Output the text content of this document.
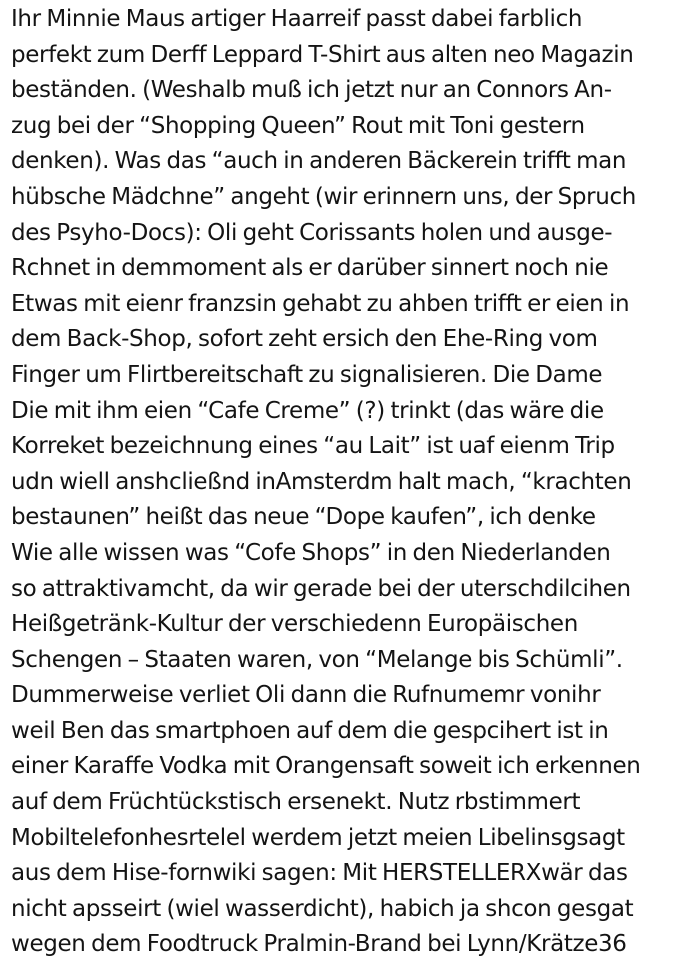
Ihr Minnie Maus artiger Haarreif passt dabei farblich
perfekt zum Derff Leppard T-Shirt aus alten neo Magazin
beständen. (Weshalb muß ich jetzt nur an Connors An-
zug bei der “Shopping Queen” Rout mit Toni gestern
denken). Was das “auch in anderen Bäckerein trifft man
hübsche Mädchne” angeht (wir erinnern uns, der Spruch
des Psyho-Docs): Oli geht Corissants holen und ausge-
Rchnet in demmoment als er darüber sinnert noch nie
Etwas mit eienr franzsin gehabt zu ahben trifft er eien in
dem Back-Shop, sofort zeht ersich den Ehe-Ring vom
Finger um Flirtbereitschaft zu signalisieren. Die Dame
Die mit ihm eien “Cafe Creme” (?) trinkt (das wäre die
Korreket bezeichnung eines “au Lait” ist uaf eienm Trip
udn wiell anshcließnd inAmsterdm halt mach, “krachten
bestaunen” heißt das neue “Dope kaufen”, ich denke
Wie alle wissen was “Cofe Shops” in den Niederlanden
so attraktivamcht, da wir gerade bei der uterschdilcihen
Heißgetränk-Kultur der verschiedenn Europäischen
Schengen – Staaten waren, von “Melange bis Schümli”.
Dummerweise verliet Oli dann die Rufnumemr vonihr
weil Ben das smartphoen auf dem die gespcihert ist in
einer Karaffe Vodka mit Orangensaft soweit ich erkennen
auf dem Früchtückstisch ersenekt. Nutz rbstimmert
Mobiltelefonhesrtelel werdem jetzt meien Libelinsgsagt
aus dem Hise-fornwiki sagen: Mit HERSTELLERXwär das
nicht apsseirt (wiel wasserdicht), habich ja shcon gesgat
wegen dem Foodtruck Pralmin-Brand bei Lynn/Krätze36
